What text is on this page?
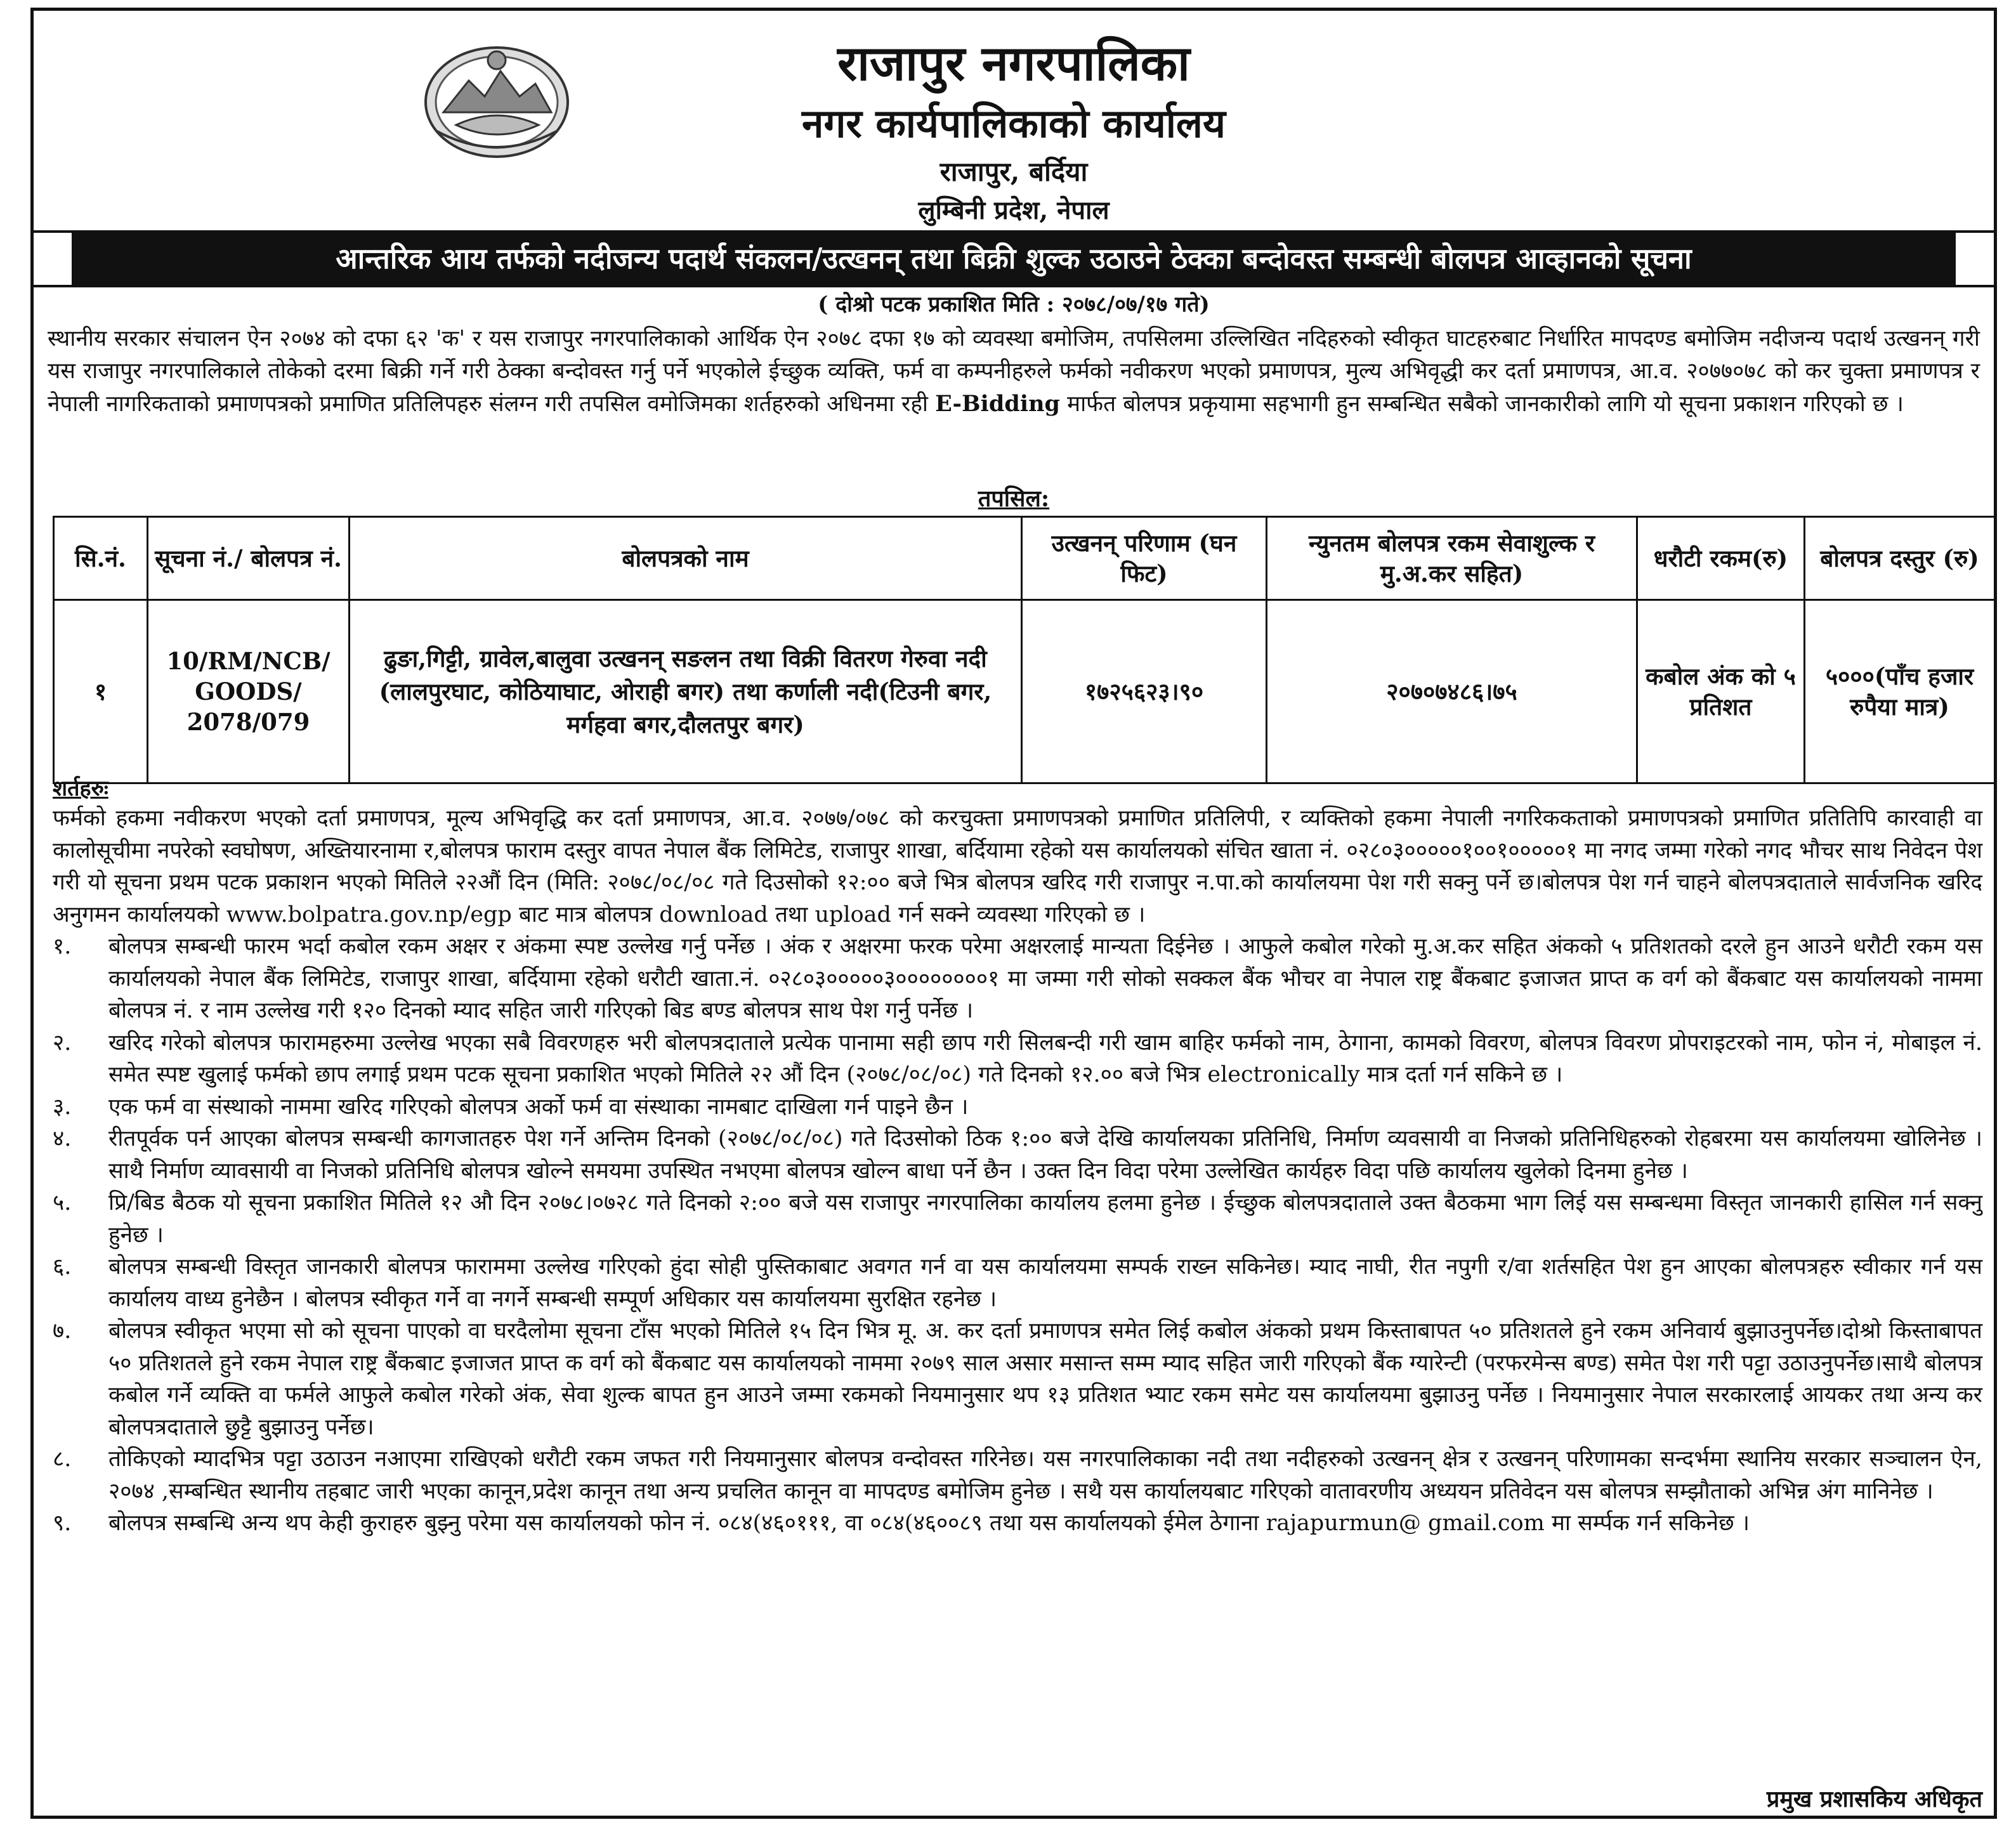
राजापुर नगरपालिका
नगर कार्यपालिकाको कार्यालय
राजापुर, बर्दिया
लुम्बिनी प्रदेश, नेपाल
आन्तरिक आय तर्फको नदीजन्य पदार्थ संकलन/उत्खनन् तथा बिक्री शुल्क उठाउने ठेक्का बन्दोवस्त सम्बन्धी बोलपत्र आव्हानको सूचना
( दोश्रो पटक प्रकाशित मिति : २०७८/०७/१७ गते)
स्थानीय सरकार संचालन ऐन २०७४ को दफा ६२ 'क' र यस राजापुर नगरपालिकाको आर्थिक ऐन २०७८ दफा १७ को व्यवस्था बमोजिम, तपसिलमा उल्लिखित नदिहरुको स्वीकृत घाटहरुबाट निर्धारित मापदण्ड बमोजिम नदीजन्य पदार्थ उत्खनन् गरी यस राजापुर नगरपालिकाले तोकेको दरमा बिक्री गर्ने गरी ठेक्का बन्दोवस्त गर्नु पर्ने भएकोले ईच्छुक व्यक्ति, फर्म वा कम्पनीहरुले फर्मको नवीकरण भएको प्रमाणपत्र, मुल्य अभिवृद्धी कर दर्ता प्रमाणपत्र, आ.व. २०७७०७८ को कर चुक्ता प्रमाणपत्र र नेपाली नागरिकताको प्रमाणपत्रको प्रमाणित प्रतिलिपहरु संलग्न गरी तपसिल वमोजिमका शर्तहरुको अधिनमा रही E-Bidding मार्फत बोलपत्र प्रकृयामा सहभागी हुन सम्बन्धित सबैको जानकारीको लागि यो सूचना प्रकाशन गरिएको छ ।
तपसिल:
सि.नं.	सूचना नं./ बोलपत्र नं.	बोलपत्रको नाम	उत्खनन् परिणाम (घन फिट)	न्युनतम बोलपत्र रकम सेवाशुल्क र मु.अ.कर सहित)	धरौटी रकम(रु)	बोलपत्र दस्तुर (रु)
१	10/RM/NCB/ GOODS/ 2078/079	ढुङा,गिट्टी, ग्रावेल,बालुवा उत्खनन् सङलन तथा विक्री वितरण गेरुवा नदी (लालपुरघाट, कोठियाघाट, ओराही बगर) तथा कर्णाली नदी(टिउनी बगर, मर्गहवा बगर,दौलतपुर बगर)	१७२५६२३।९०	२०७०७४८६।७५	कबोल अंक को ५ प्रतिशत	५०००(पाँच हजार रुपैया मात्र)
शर्तहरुः

फर्मको हकमा नवीकरण भएको दर्ता प्रमाणपत्र, मूल्य अभिवृद्धि कर दर्ता प्रमाणपत्र, आ.व. २०७७/०७८ को करचुक्ता प्रमाणपत्रको प्रमाणित प्रतिलिपी, र व्यक्तिको हकमा नेपाली नगरिककताको प्रमाणपत्रको प्रमाणित प्रतितिपि कारवाही वा कालोसूचीमा नपरेको स्वघोषण, अख्तियारनामा र,बोलपत्र फाराम दस्तुर वापत नेपाल बैंक लिमिटेड, राजापुर शाखा, बर्दियामा रहेको यस कार्यालयको संचित खाता नं. ०२८०३०००००१००१०००००१ मा नगद जम्मा गरेको नगद भौचर साथ निवेदन पेश गरी यो सूचना प्रथम पटक प्रकाशन भएको मितिले २२औं दिन (मिति: २०७८/०८/०८ गते दिउसोको १२:०० बजे भित्र बोलपत्र खरिद गरी राजापुर न.पा.को कार्यालयमा पेश गरी सक्नु पर्ने छ।बोलपत्र पेश गर्न चाहने बोलपत्रदाताले सार्वजनिक खरिद अनुगमन कार्यालयको www.bolpatra.gov.np/egp बाट मात्र बोलपत्र download तथा upload गर्न सक्ने व्यवस्था गरिएको छ ।

१.	बोलपत्र सम्बन्धी फारम भर्दा कबोल रकम अक्षर र अंकमा स्पष्ट उल्लेख गर्नु पर्नेछ । अंक र अक्षरमा फरक परेमा अक्षरलाई मान्यता दिईनेछ । आफुले कबोल गरेको मु.अ.कर सहित अंकको ५ प्रतिशतको दरले हुन आउने धरौटी रकम यस कार्यालयको नेपाल बैंक लिमिटेड, राजापुर शाखा, बर्दियामा रहेको धरौटी खाता.नं. ०२८०३०००००३००००००००१ मा जम्मा गरी सोको सक्कल बैंक भौचर वा नेपाल राष्ट्र बैंकबाट इजाजत प्राप्त क वर्ग को बैंकबाट यस कार्यालयको नाममा बोलपत्र नं. र नाम उल्लेख गरी १२० दिनको म्याद सहित जारी गरिएको बिड बण्ड बोलपत्र साथ पेश गर्नु पर्नेछ ।
२.	खरिद गरेको बोलपत्र फारामहरुमा उल्लेख भएका सबै विवरणहरु भरी बोलपत्रदाताले प्रत्येक पानामा सही छाप गरी सिलबन्दी गरी खाम बाहिर फर्मको नाम, ठेगाना, कामको विवरण, बोलपत्र विवरण प्रोपराइटरको नाम, फोन नं, मोबाइल नं. समेत स्पष्ट खुलाई फर्मको छाप लगाई प्रथम पटक सूचना प्रकाशित भएको मितिले २२ औं दिन (२०७८/०८/०८) गते दिनको १२.०० बजे भित्र electronically मात्र दर्ता गर्न सकिने छ ।
३.	एक फर्म वा संस्थाको नाममा खरिद गरिएको बोलपत्र अर्को फर्म वा संस्थाका नामबाट दाखिला गर्न पाइने छैन ।
४.	रीतपूर्वक पर्न आएका बोलपत्र सम्बन्धी कागजातहरु पेश गर्ने अन्तिम दिनको (२०७८/०८/०८) गते दिउसोको ठिक १:०० बजे देखि कार्यालयका प्रतिनिधि, निर्माण व्यवसायी वा निजको प्रतिनिधिहरुको रोहबरमा यस कार्यालयमा खोलिनेछ । साथै निर्माण व्यावसायी वा निजको प्रतिनिधि बोलपत्र खोल्ने समयमा उपस्थित नभएमा बोलपत्र खोल्न बाधा पर्ने छैन । उक्त दिन विदा परेमा उल्लेखित कार्यहरु विदा पछि कार्यालय खुलेको दिनमा हुनेछ ।
५.	प्रि/बिड बैठक यो सूचना प्रकाशित मितिले १२ औ दिन २०७८।०७२८ गते दिनको २:०० बजे यस राजापुर नगरपालिका कार्यालय हलमा हुनेछ । ईच्छुक बोलपत्रदाताले उक्त बैठकमा भाग लिई यस सम्बन्धमा विस्तृत जानकारी हासिल गर्न सक्नु हुनेछ ।
६.	बोलपत्र सम्बन्धी विस्तृत जानकारी बोलपत्र फाराममा उल्लेख गरिएको हुंदा सोही पुस्तिकाबाट अवगत गर्न वा यस कार्यालयमा सम्पर्क राख्न सकिनेछ। म्याद नाघी, रीत नपुगी र/वा शर्तसहित पेश हुन आएका बोलपत्रहरु स्वीकार गर्न यस कार्यालय वाध्य हुनेछैन । बोलपत्र स्वीकृत गर्ने वा नगर्ने सम्बन्धी सम्पूर्ण अधिकार यस कार्यालयमा सुरक्षित रहनेछ ।
७.	बोलपत्र स्वीकृत भएमा सो को सूचना पाएको वा घरदैलोमा सूचना टाँस भएको मितिले १५ दिन भित्र मू. अ. कर दर्ता प्रमाणपत्र समेत लिई कबोल अंकको प्रथम किस्ताबापत ५० प्रतिशतले हुने रकम अनिवार्य बुझाउनुपर्नेछ।दोश्रो किस्ताबापत ५० प्रतिशतले हुने रकम नेपाल राष्ट्र बैंकबाट इजाजत प्राप्त क वर्ग को बैंकबाट यस कार्यालयको नाममा २०७९ साल असार मसान्त सम्म म्याद सहित जारी गरिएको बैंक ग्यारेन्टी (परफरमेन्स बण्ड) समेत पेश गरी पट्टा उठाउनुपर्नेछ।साथै बोलपत्र कबोल गर्ने व्यक्ति वा फर्मले आफुले कबोल गरेको अंक, सेवा शुल्क बापत हुन आउने जम्मा रकमको नियमानुसार थप १३ प्रतिशत भ्याट रकम समेट यस कार्यालयमा बुझाउनु पर्नेछ । नियमानुसार नेपाल सरकारलाई आयकर तथा अन्य कर बोलपत्रदाताले छुट्टै बुझाउनु पर्नेछ।
८.	तोकिएको म्यादभित्र पट्टा उठाउन नआएमा राखिएको धरौटी रकम जफत गरी नियमानुसार बोलपत्र वन्दोवस्त गरिनेछ। यस नगरपालिकाका नदी तथा नदीहरुको उत्खनन् क्षेत्र र उत्खनन् परिणामका सन्दर्भमा स्थानिय सरकार सञ्चालन ऐन, २०७४ ,सम्बन्धित स्थानीय तहबाट जारी भएका कानून,प्रदेश कानून तथा अन्य प्रचलित कानून वा मापदण्ड बमोजिम हुनेछ । सथै यस कार्यालयबाट गरिएको वातावरणीय अध्ययन प्रतिवेदन यस बोलपत्र सम्झौताको अभिन्न अंग मानिनेछ ।
९.	बोलपत्र सम्बन्धि अन्य थप केही कुराहरु बुझ्नु परेमा यस कार्यालयको फोन नं. ०८४(४६०१११, वा ०८४(४६००८९ तथा यस कार्यालयको ईमेल ठेगाना rajapurmun@ gmail.com मा सर्म्पक गर्न सकिनेछ ।
प्रमुख प्रशासकिय अधिकृत
